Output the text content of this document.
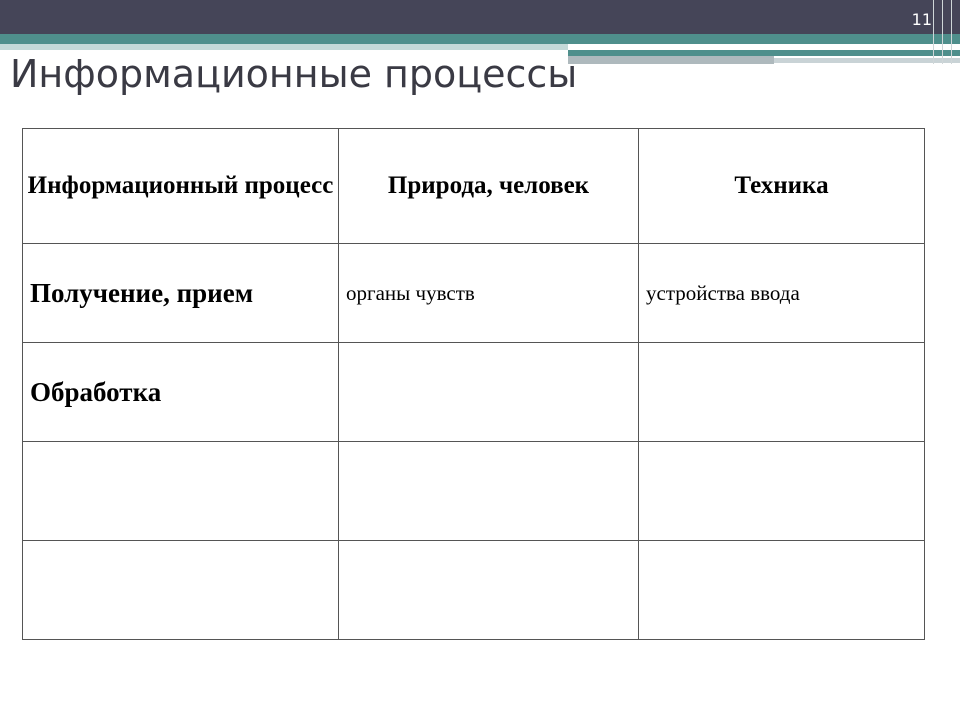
11
Информационные процессы
Информационный процесс	Природа, человек	Техника
Получение, прием	органы чувств	устройства ввода
Обработка		
